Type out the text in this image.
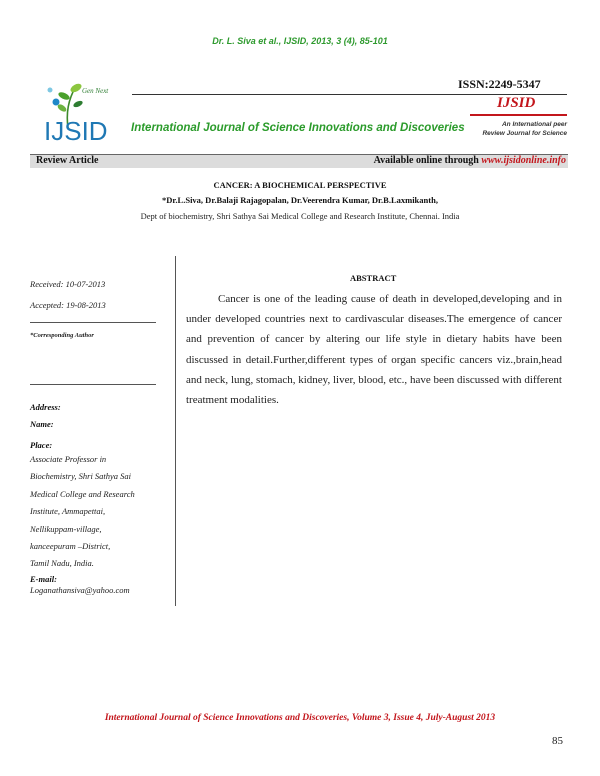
Dr. L. Siva et al., IJSID, 2013, 3 (4), 85-101
Gen Next
IJSID
ISSN:2249-5347
IJSID
International Journal of Science Innovations and Discoveries	An International peer
Review Journal for Science
Review Article	Available online through www.ijsidonline.info
CANCER: A BIOCHEMICAL PERSPECTIVE
*Dr.L.Siva, Dr.Balaji Rajagopalan, Dr.Veerendra Kumar, Dr.B.Laxmikanth,
Dept of biochemistry, Shri Sathya Sai Medical College and Research Institute, Chennai. India
Received: 10-07-2013
Accepted: 19-08-2013
*Corresponding Author
Address:
Name:
Place:
Associate Professor in
Biochemistry, Shri Sathya Sai
Medical College and Research
Institute, Ammapettai,
Nellikuppam-village,
kanceepuram –District,
Tamil Nadu, India.
E-mail:
Loganathansiva@yahoo.com
ABSTRACT

Cancer is one of the leading cause of death in developed,developing and in under developed countries next to cardivascular diseases.The emergence of cancer and prevention of cancer by altering our life style in dietary habits have been discussed in detail.Further,different types of organ specific cancers viz.,brain,head and neck, lung, stomach, kidney, liver, blood, etc., have been discussed with different treatment modalities.

International Journal of Science Innovations and Discoveries, Volume 3, Issue 4, July-August 2013
85
